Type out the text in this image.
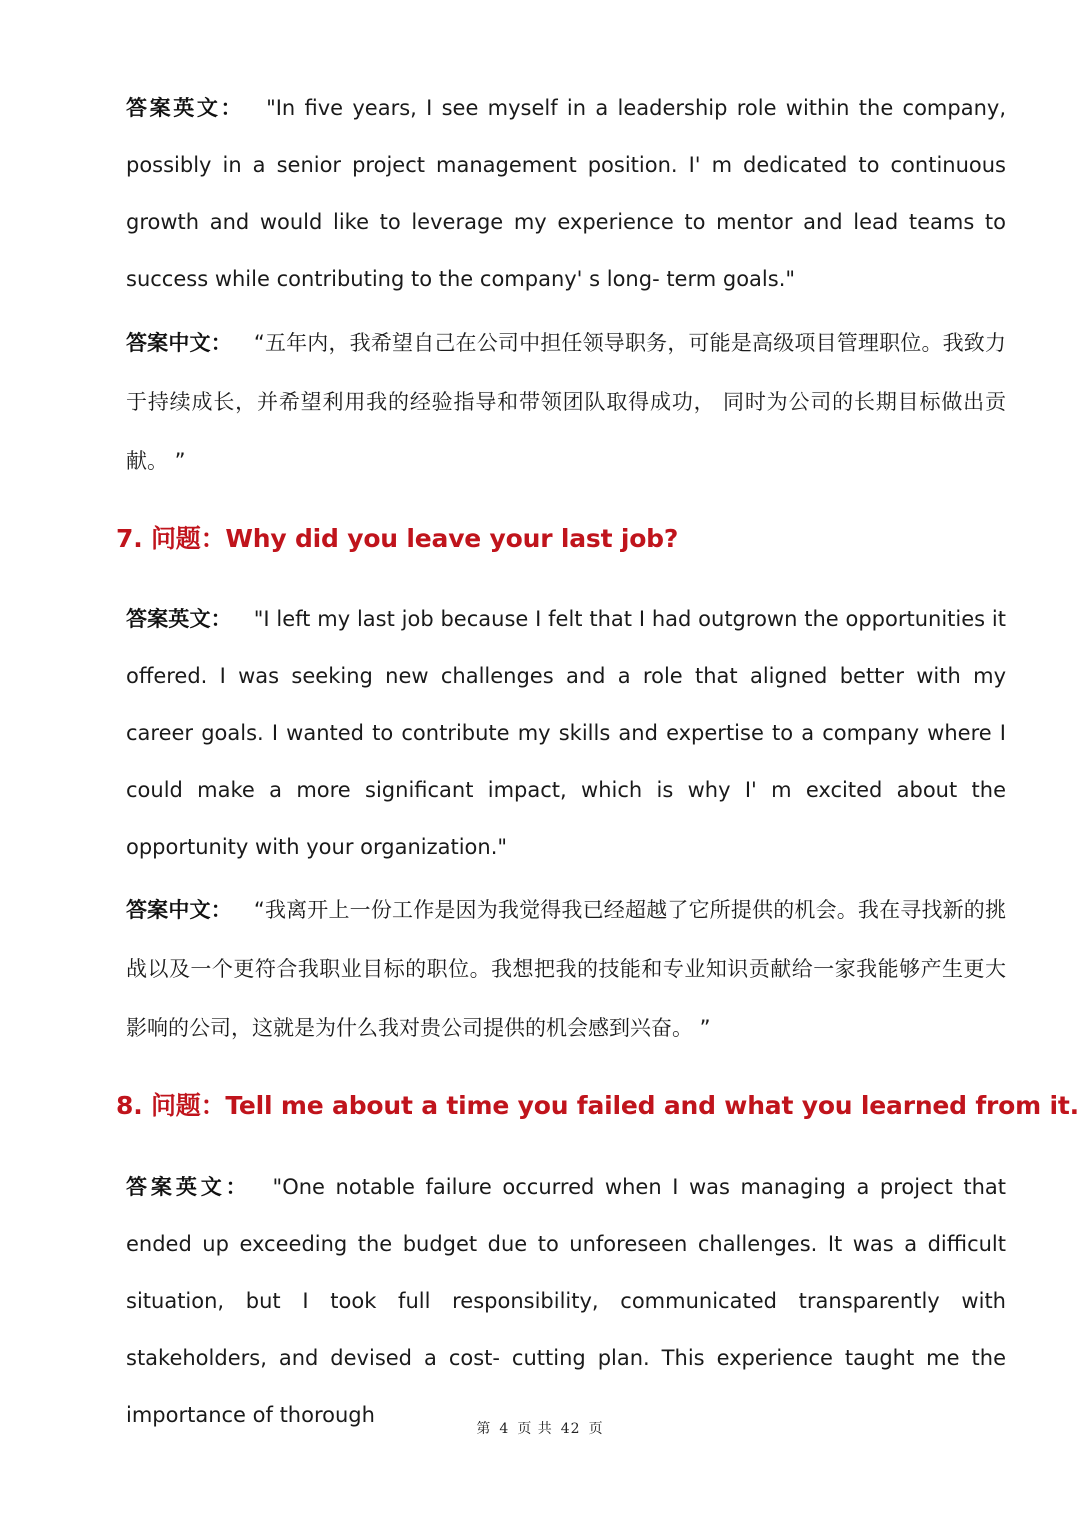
答案英文： "In five years, I see myself in a leadership role within the company, possibly in a senior project management position. I' m dedicated to continuous growth and would like to leverage my experience to mentor and lead teams to success while contributing to the company' s long- term goals."

答案中文： “五年内，我希望自己在公司中担任领导职务，可能是高级项目管理职位。我致力于持续成长，并希望利用我的经验指导和带领团队取得成功， 同时为公司的长期目标做出贡献。 ”

7. 问题：Why did you leave your last job?

答案英文： "I left my last job because I felt that I had outgrown the opportunities it offered. I was seeking new challenges and a role that aligned better with my career goals. I wanted to contribute my skills and expertise to a company where I could make a more significant impact, which is why I' m excited about the opportunity with your organization."

答案中文： “我离开上一份工作是因为我觉得我已经超越了它所提供的机会。我在寻找新的挑战以及一个更符合我职业目标的职位。我想把我的技能和专业知识贡献给一家我能够产生更大影响的公司，这就是为什么我对贵公司提供的机会感到兴奋。 ”

8. 问题：Tell me about a time you failed and what you learned from it.

答案英文： "One notable failure occurred when I was managing a project that ended up exceeding the budget due to unforeseen challenges. It was a difficult situation, but I took full responsibility, communicated transparently with stakeholders, and devised a cost- cutting plan. This experience taught me the importance of thorough

第 4 页 共 42 页
